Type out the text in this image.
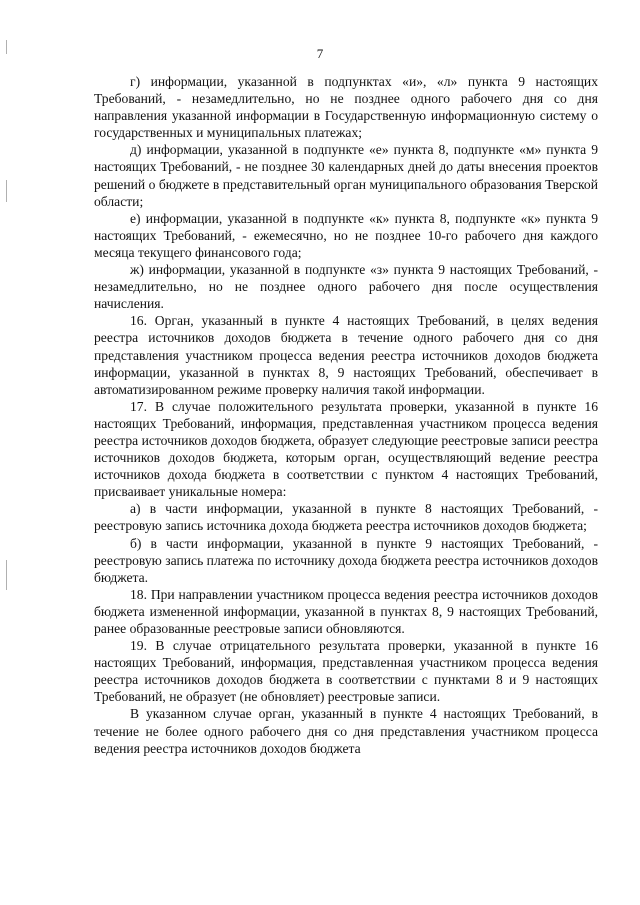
7

г) информации, указанной в подпунктах «и», «л» пункта 9 настоящих Требований, - незамедлительно, но не позднее одного рабочего дня со дня направления указанной информации в Государственную информационную систему о государственных и муниципальных платежах;

д) информации, указанной в подпункте «е» пункта 8, подпункте «м» пункта 9 настоящих Требований, - не позднее 30 календарных дней до даты внесения проектов решений о бюджете в представительный орган муниципального образования Тверской области;

е) информации, указанной в подпункте «к» пункта 8, подпункте «к» пункта 9 настоящих Требований, - ежемесячно, но не позднее 10-го рабочего дня каждого месяца текущего финансового года;

ж) информации, указанной в подпункте «з» пункта 9 настоящих Требований, - незамедлительно, но не позднее одного рабочего дня после осуществления начисления.

16. Орган, указанный в пункте 4 настоящих Требований, в целях ведения реестра источников доходов бюджета в течение одного рабочего дня со дня представления участником процесса ведения реестра источников доходов бюджета информации, указанной в пунктах 8, 9 настоящих Требований, обеспечивает в автоматизированном режиме проверку наличия такой информации.

17. В случае положительного результата проверки, указанной в пункте 16 настоящих Требований, информация, представленная участником процесса ведения реестра источников доходов бюджета, образует следующие реестровые записи реестра источников доходов бюджета, которым орган, осуществляющий ведение реестра источников дохода бюджета в соответствии с пунктом 4 настоящих Требований, присваивает уникальные номера:

а) в части информации, указанной в пункте 8 настоящих Требований, - реестровую запись источника дохода бюджета реестра источников доходов бюджета;

б) в части информации, указанной в пункте 9 настоящих Требований, - реестровую запись платежа по источнику дохода бюджета реестра источников доходов бюджета.

18. При направлении участником процесса ведения реестра источников доходов бюджета измененной информации, указанной в пунктах 8, 9 настоящих Требований, ранее образованные реестровые записи обновляются.

19. В случае отрицательного результата проверки, указанной в пункте 16 настоящих Требований, информация, представленная участником процесса ведения реестра источников доходов бюджета в соответствии с пунктами 8 и 9 настоящих Требований, не образует (не обновляет) реестровые записи.

В указанном случае орган, указанный в пункте 4 настоящих Требований, в течение не более одного рабочего дня со дня представления участником процесса ведения реестра источников доходов бюджета
